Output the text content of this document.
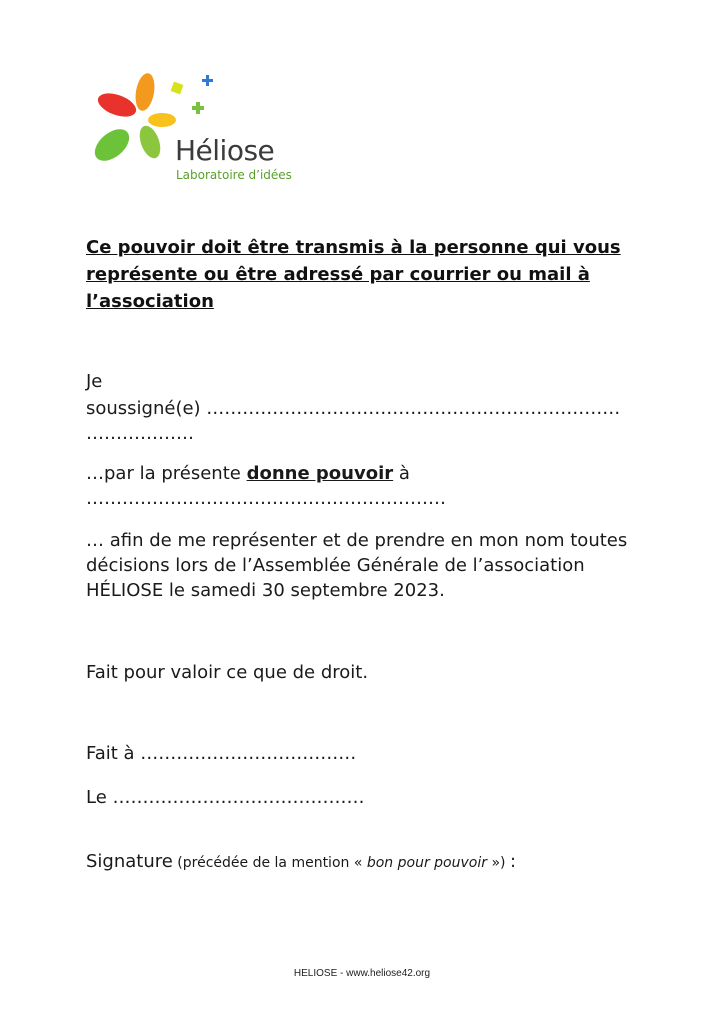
Héliose
Laboratoire d’idées
Ce pouvoir doit être transmis à la personne qui vous représente ou être adressé par courrier ou mail à l’association
Je
soussigné(e) …………………………………………………………… ………………
…par la présente donne pouvoir à
……………………………………………………
… afin de me représenter et de prendre en mon nom toutes décisions lors de l’Assemblée Générale de l’association HÉLIOSE le samedi 30 septembre 2023.
Fait pour valoir ce que de droit.
Fait à ………………………………
Le ……………………………………
Signature (précédée de la mention « bon pour pouvoir ») :
HELIOSE - www.heliose42.org
